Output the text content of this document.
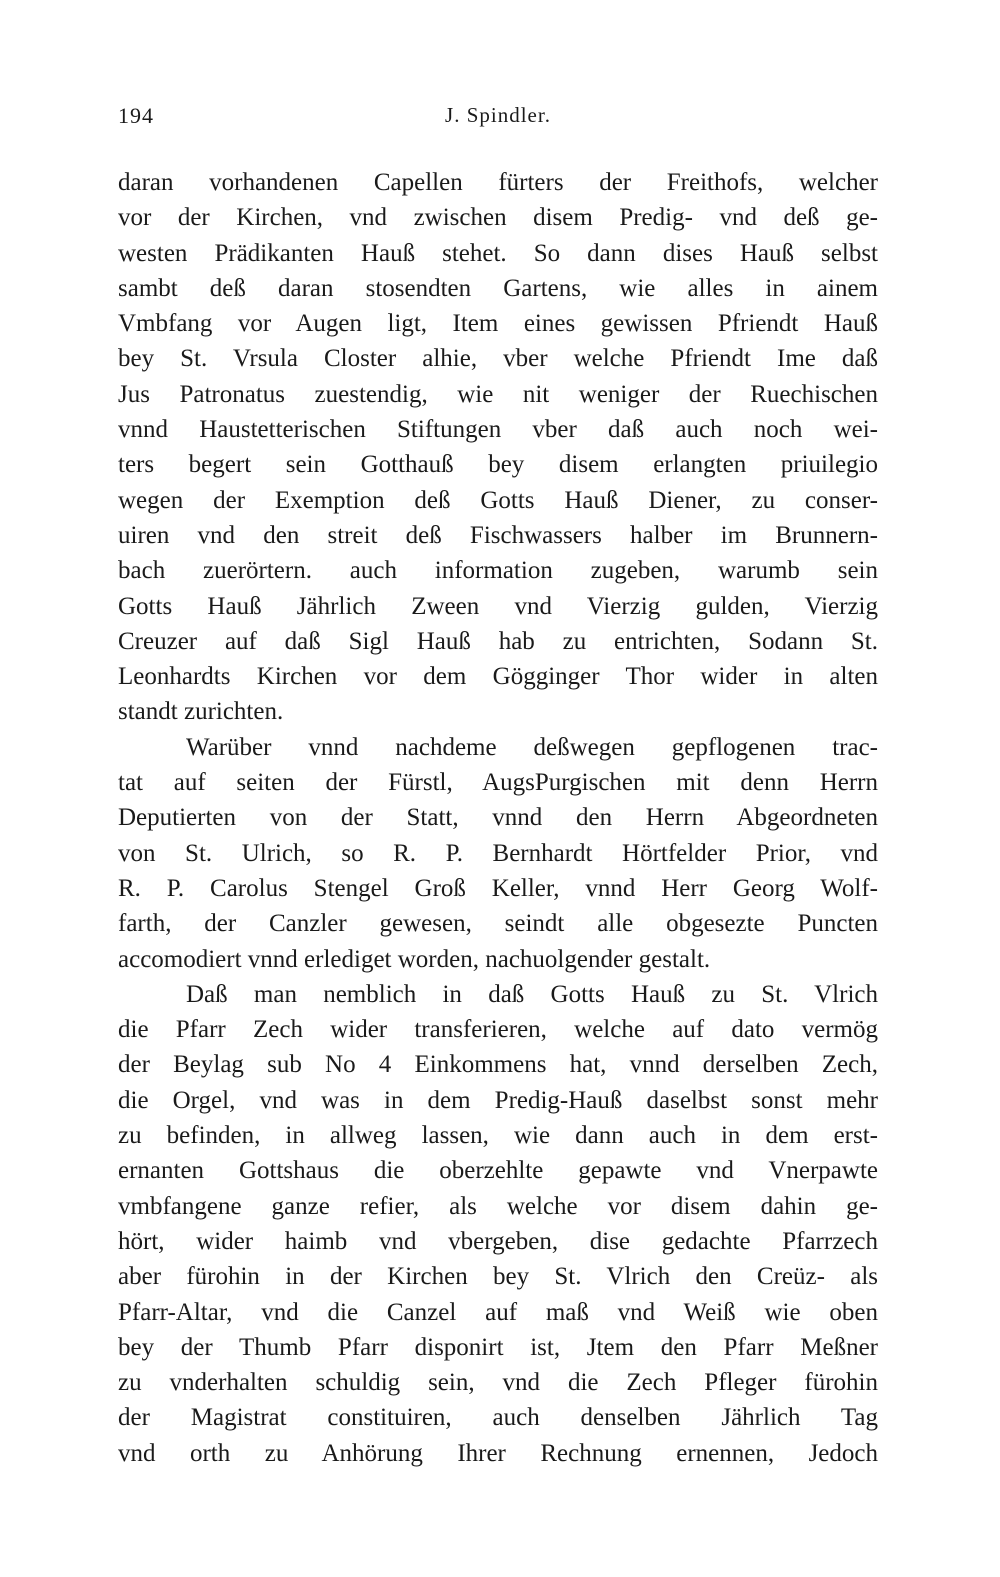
194	J. Spindler.
daran vorhandenen Capellen fürters der Freithofs, welcher
vor der Kirchen, vnd zwischen disem Predig- vnd deß ge-
westen Prädikanten Hauß stehet. So dann dises Hauß selbst
sambt deß daran stosendten Gartens, wie alles in ainem
Vmbfang vor Augen ligt, Item eines gewissen Pfriendt Hauß
bey St. Vrsula Closter alhie, vber welche Pfriendt Ime daß
Jus Patronatus zuestendig, wie nit weniger der Ruechischen
vnnd Haustetterischen Stiftungen vber daß auch noch wei-
ters begert sein Gotthauß bey disem erlangten priuilegio
wegen der Exemption deß Gotts Hauß Diener, zu conser-
uiren vnd den streit deß Fischwassers halber im Brunnern-
bach zuerörtern. auch information zugeben, warumb sein
Gotts Hauß Jährlich Zween vnd Vierzig gulden, Vierzig
Creuzer auf daß Sigl Hauß hab zu entrichten, Sodann St.
Leonhardts Kirchen vor dem Gögginger Thor wider in alten
standt zurichten.
Warüber vnnd nachdeme deßwegen gepflogenen trac-
tat auf seiten der Fürstl, AugsPurgischen mit denn Herrn
Deputierten von der Statt, vnnd den Herrn Abgeordneten
von St. Ulrich, so R. P. Bernhardt Hörtfelder Prior, vnd
R. P. Carolus Stengel Groß Keller, vnnd Herr Georg Wolf-
farth, der Canzler gewesen, seindt alle obgesezte Puncten
accomodiert vnnd erlediget worden, nachuolgender gestalt.
Daß man nemblich in daß Gotts Hauß zu St. Vlrich
die Pfarr Zech wider transferieren, welche auf dato vermög
der Beylag sub No 4 Einkommens hat, vnnd derselben Zech,
die Orgel, vnd was in dem Predig-Hauß daselbst sonst mehr
zu befinden, in allweg lassen, wie dann auch in dem erst-
ernanten Gottshaus die oberzehlte gepawte vnd Vnerpawte
vmbfangene ganze refier, als welche vor disem dahin ge-
hört, wider haimb vnd vbergeben, dise gedachte Pfarrzech
aber fürohin in der Kirchen bey St. Vlrich den Creüz- als
Pfarr-Altar, vnd die Canzel auf maß vnd Weiß wie oben
bey der Thumb Pfarr disponirt ist, Jtem den Pfarr Meßner
zu vnderhalten schuldig sein, vnd die Zech Pfleger fürohin
der Magistrat constituiren, auch denselben Jährlich Tag
vnd orth zu Anhörung Ihrer Rechnung ernennen, Jedoch
